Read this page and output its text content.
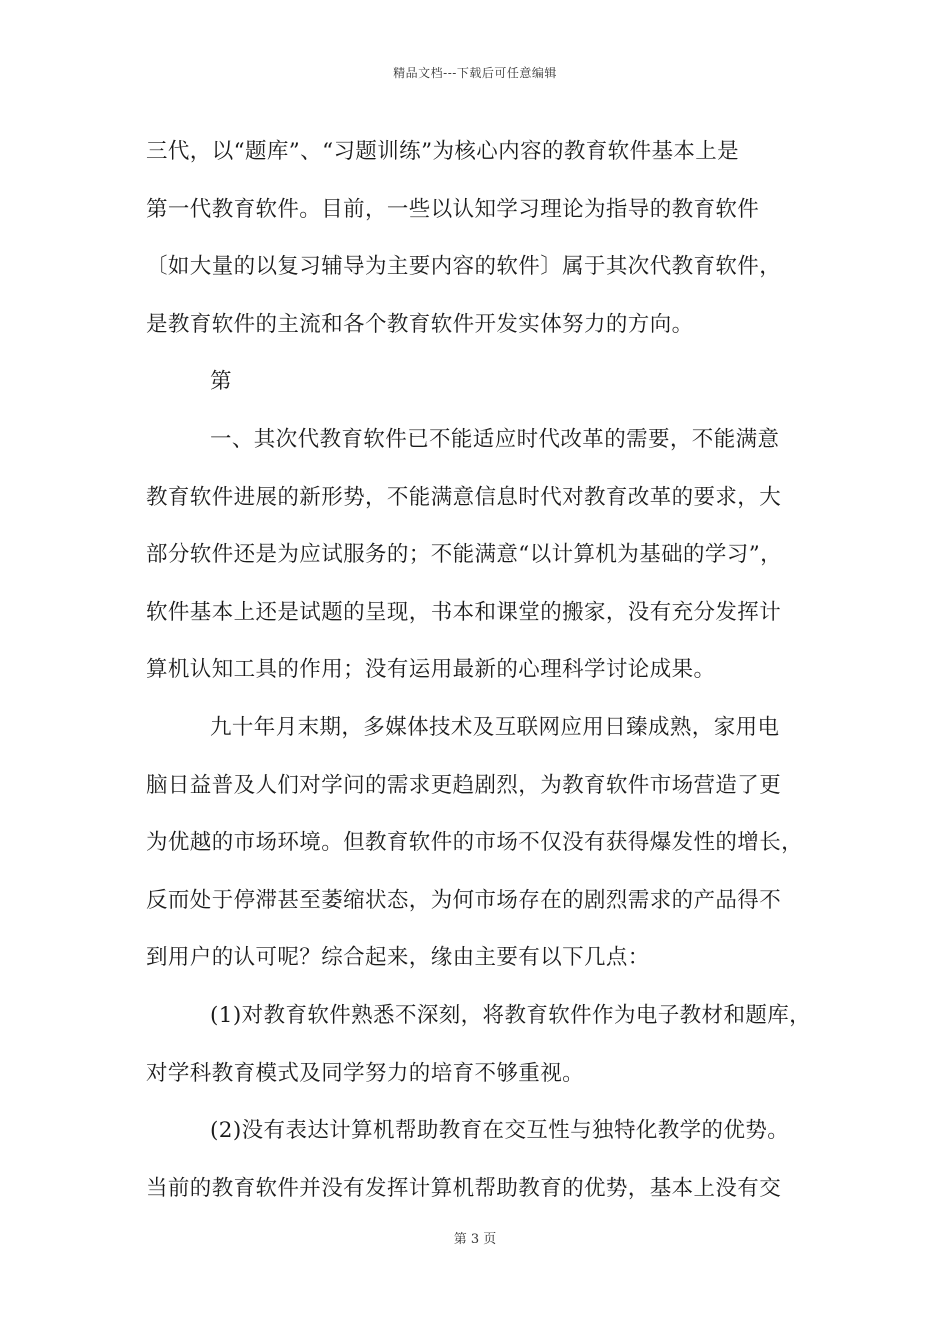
精品文档---下载后可任意编辑
三代，以“题库”、“习题训练”为核心内容的教育软件基本上是
第一代教育软件。目前，一些以认知学习理论为指导的教育软件
〔如大量的以复习辅导为主要内容的软件〕属于其次代教育软件，
是教育软件的主流和各个教育软件开发实体努力的方向。
第
一、其次代教育软件已不能适应时代改革的需要，不能满意
教育软件进展的新形势，不能满意信息时代对教育改革的要求，大
部分软件还是为应试服务的；不能满意“以计算机为基础的学习”，
软件基本上还是试题的呈现，书本和课堂的搬家，没有充分发挥计
算机认知工具的作用；没有运用最新的心理科学讨论成果。
九十年月末期，多媒体技术及互联网应用日臻成熟，家用电
脑日益普及人们对学问的需求更趋剧烈，为教育软件市场营造了更
为优越的市场环境。但教育软件的市场不仅没有获得爆发性的增长，
反而处于停滞甚至萎缩状态，为何市场存在的剧烈需求的产品得不
到用户的认可呢？综合起来，缘由主要有以下几点：
(1)对教育软件熟悉不深刻，将教育软件作为电子教材和题库，
对学科教育模式及同学努力的培育不够重视。
(2)没有表达计算机帮助教育在交互性与独特化教学的优势。
当前的教育软件并没有发挥计算机帮助教育的优势，基本上没有交
第 3 页
